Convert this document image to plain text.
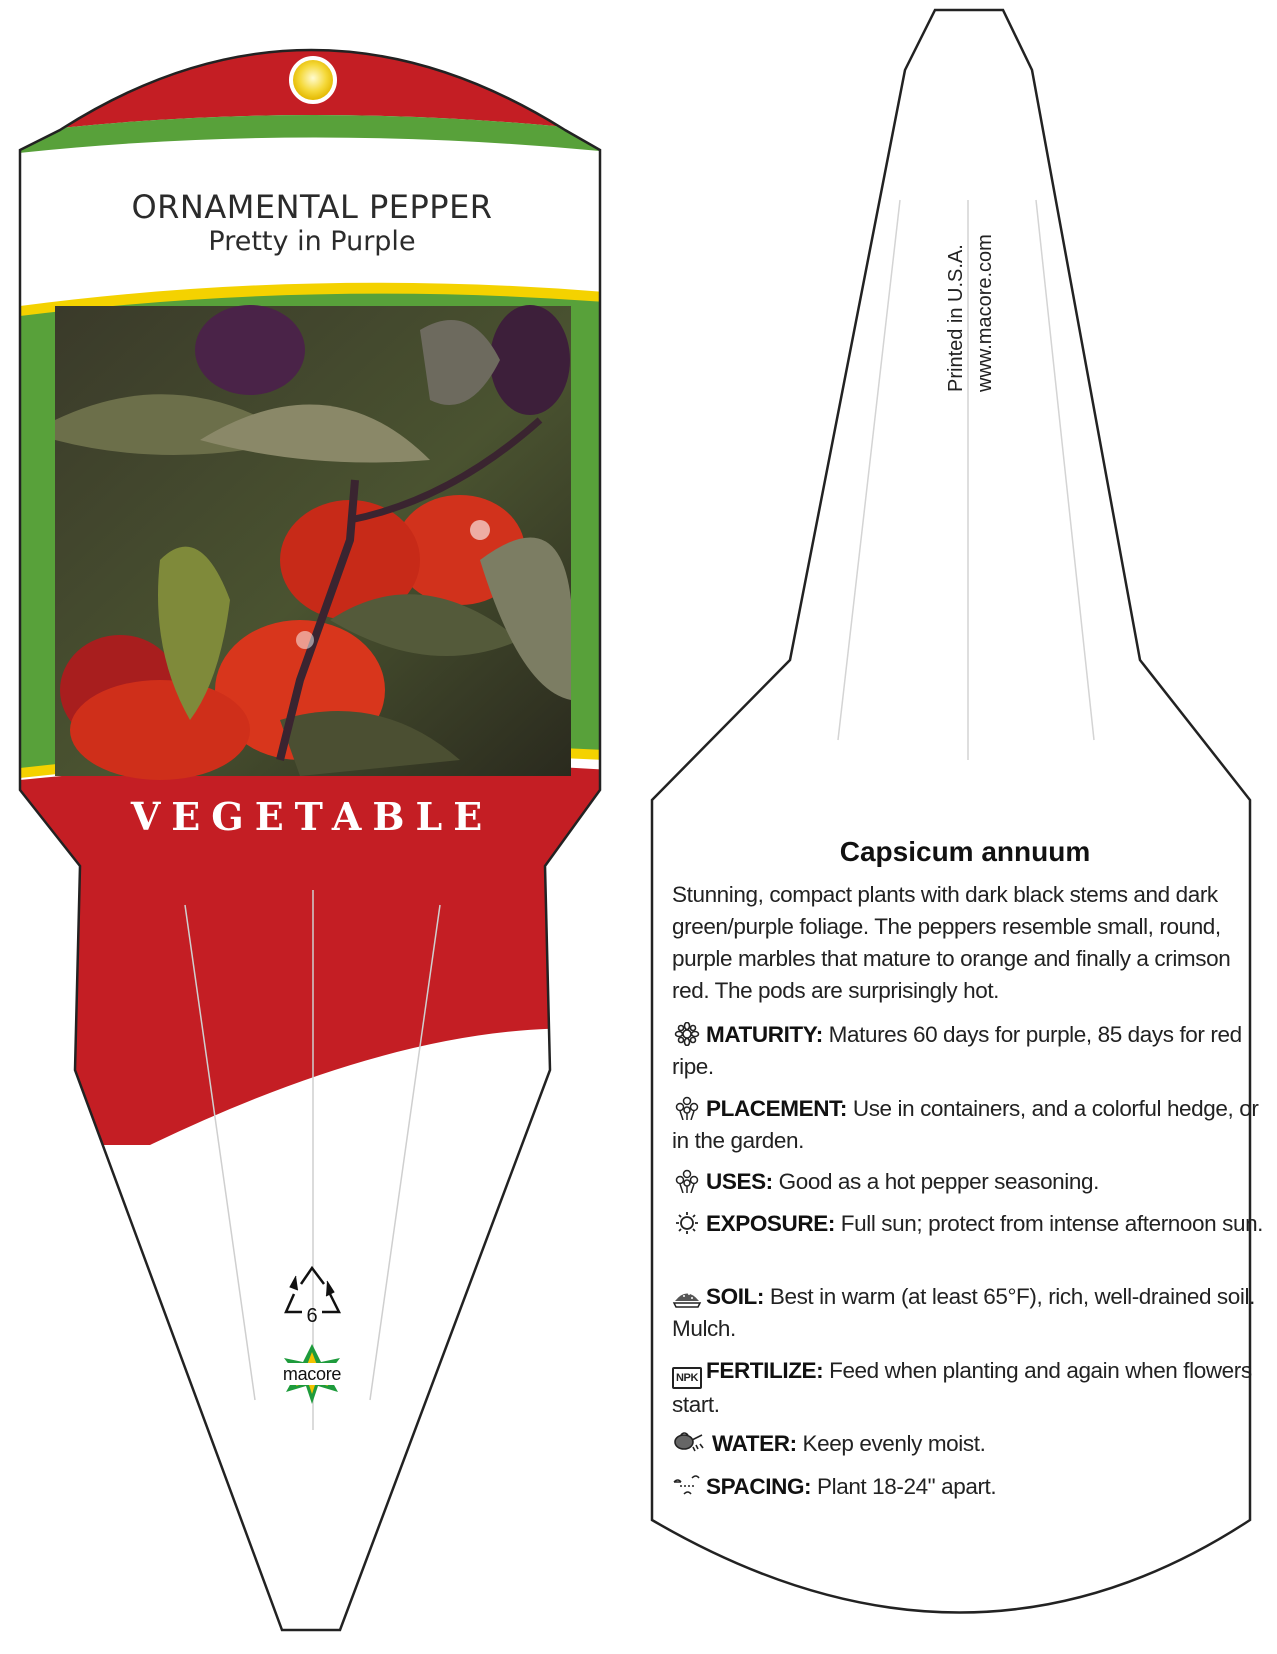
ORNAMENTAL PEPPER

Pretty in Purple

VEGETABLE

6

macore

Printed in U.S.A. www.macore.com

Capsicum annuum

Stunning, compact plants with dark black stems and dark green/purple foliage. The peppers resemble small, round, purple marbles that mature to orange and finally a crimson red. The pods are surprisingly hot.

MATURITY: Matures 60 days for purple, 85 days for red ripe.

PLACEMENT: Use in containers, and a colorful hedge, or in the garden.

USES: Good as a hot pepper seasoning.

EXPOSURE: Full sun; protect from intense afternoon sun.

SOIL: Best in warm (at least 65°F), rich, well-drained soil. Mulch.

NPK FERTILIZE: Feed when planting and again when flowers start.

WATER: Keep evenly moist.

SPACING: Plant 18-24" apart.
